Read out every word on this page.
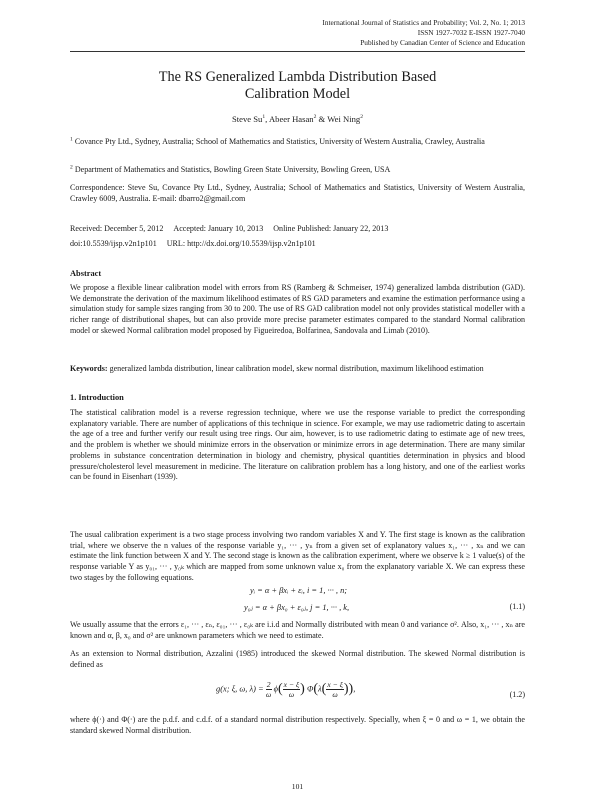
International Journal of Statistics and Probability; Vol. 2, No. 1; 2013
ISSN 1927-7032 E-ISSN 1927-7040
Published by Canadian Center of Science and Education
The RS Generalized Lambda Distribution Based
Calibration Model
Steve Su$^1$, Abeer Hasan$^2$ & Wei Ning$^2$
$^1$ Covance Pty Ltd., Sydney, Australia; School of Mathematics and Statistics, University of Western Australia, Crawley, Australia
$^2$ Department of Mathematics and Statistics, Bowling Green State University, Bowling Green, USA
Correspondence: Steve Su, Covance Pty Ltd., Sydney, Australia; School of Mathematics and Statistics, University of Western Australia, Crawley 6009, Australia. E-mail: dbarro2@gmail.com
Received: December 5, 2012 Accepted: January 10, 2013 Online Published: January 22, 2013
doi:10.5539/ijsp.v2n1p101 URL: http://dx.doi.org/10.5539/ijsp.v2n1p101
Abstract
We propose a flexible linear calibration model with errors from RS (Ramberg & Schmeiser, 1974) generalized lambda distribution (GλD). We demonstrate the derivation of the maximum likelihood estimates of RS GλD parameters and examine the estimation performance using a simulation study for sample sizes ranging from 30 to 200. The use of RS GλD calibration model not only provides statistical modeller with a richer range of distributional shapes, but can also provide more precise parameter estimates compared to the standard Normal calibration model or skewed Normal calibration model proposed by Figueiredoa, Bolfarinea, Sandovala and Limab (2010).
Keywords: generalized lambda distribution, linear calibration model, skew normal distribution, maximum likelihood estimation
1. Introduction
The statistical calibration model is a reverse regression technique, where we use the response variable to predict the corresponding explanatory variable. There are number of applications of this technique in science. For example, we may use radiometric dating to ascertain the age of a tree and further verify our result using tree rings. Our aim, however, is to use radiometric dating to estimate age of new trees, and the problem is whether we should minimize errors in the observation or minimize errors in age determination. There are many similar problems in substance concentration determination in biology and chemistry, physical quantities determination in physics and blood pressure/cholesterol level measurement in medicine. The literature on calibration problem has a long history, and one of the earliest works can be found in Eisenhart (1939).
The usual calibration experiment is a two stage process involving two random variables X and Y. The first stage is known as the calibration trial, where we observe the n values of the response variable y₁, ··· , yₙ from a given set of explanatory values x₁, ··· , xₙ and we can estimate the link function between X and Y. The second stage is known as the calibration experiment, where we observe k ≥ 1 value(s) of the response variable Y as y₀₁, ··· , y₀ₖ which are mapped from some unknown value x₀ from the explanatory variable X. We can express these two stages by the following equations.
yᵢ = α + βxᵢ + εᵢ, i = 1, ··· , n;
y₀ⱼ = α + βx₀ + ε₀ⱼ, j = 1, ··· , k,	(1.1)
We usually assume that the errors ε₁, ··· , εₙ, ε₀₁, ··· , ε₀ₖ are i.i.d and Normally distributed with mean 0 and variance σ². Also, x₁, ··· , xₙ are known and α, β, x₀ and σ² are unknown parameters which we need to estimate.
As an extension to Normal distribution, Azzalini (1985) introduced the skewed Normal distribution. The skewed Normal distribution is defined as
g(x; ξ, ω, $\lambda) = \frac{2}{\omega} \phi( \frac{x - \xi}{\omega}$ ) $\Phi(\lambda( \frac{x - \xi}{\omega}$ )),
(1.2)
where ϕ(·) and Φ(·) are the p.d.f. and c.d.f. of a standard normal distribution respectively. Specially, when ξ = 0 and ω = 1, we obtain the standard skewed Normal distribution.
101
